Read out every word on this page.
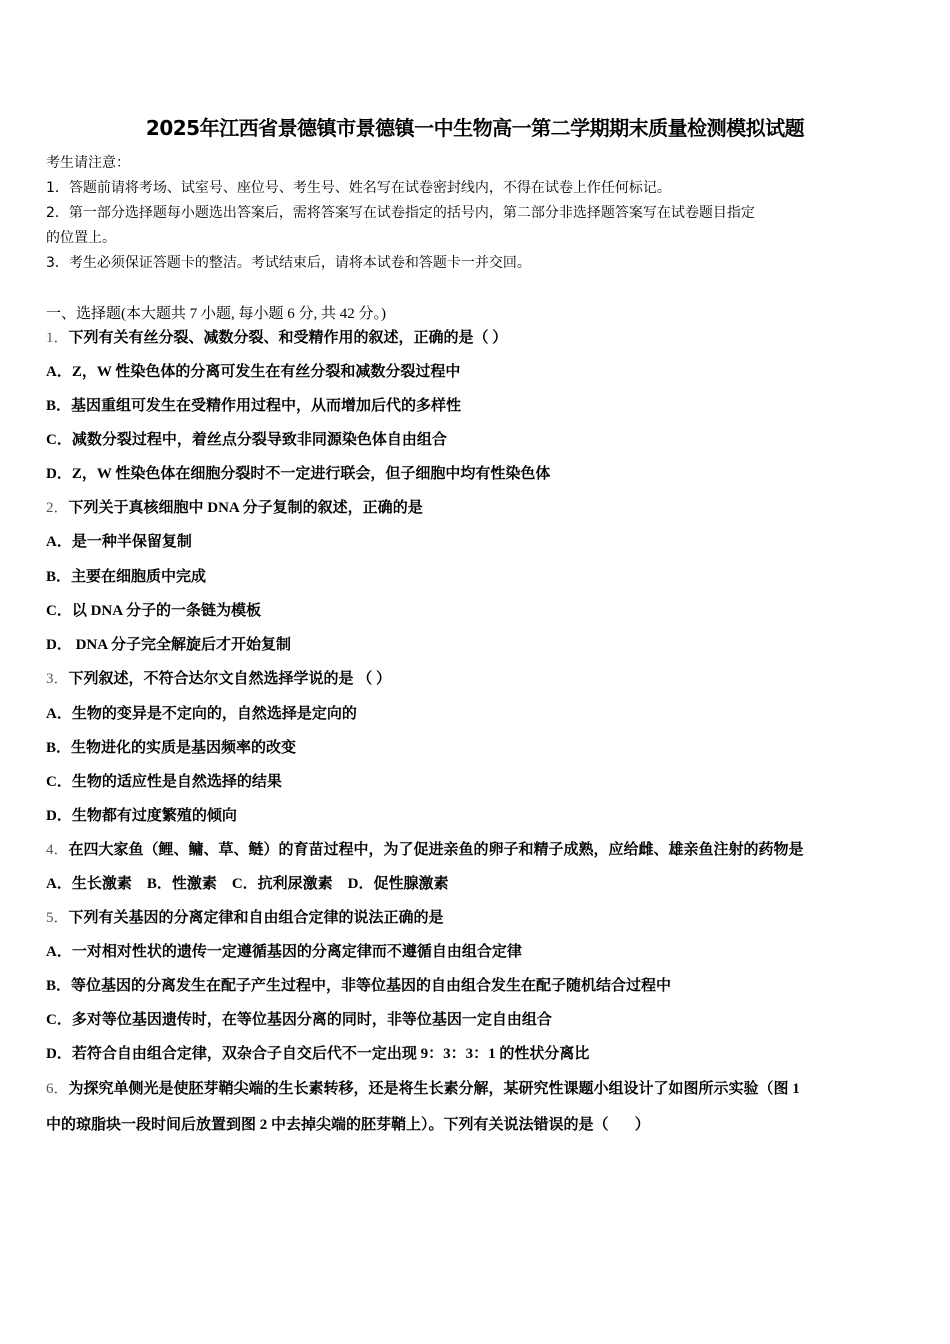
2025年江西省景德镇市景德镇一中生物高一第二学期期末质量检测模拟试题
考生请注意：
1．答题前请将考场、试室号、座位号、考生号、姓名写在试卷密封线内，不得在试卷上作任何标记。
2．第一部分选择题每小题选出答案后，需将答案写在试卷指定的括号内，第二部分非选择题答案写在试卷题目指定
的位置上。
3．考生必须保证答题卡的整洁。考试结束后，请将本试卷和答题卡一并交回。
一、选择题(本大题共 7 小题, 每小题 6 分, 共 42 分。)
1．下列有关有丝分裂、减数分裂、和受精作用的叙述，正确的是（ ）
A．Z，W 性染色体的分离可发生在有丝分裂和减数分裂过程中
B．基因重组可发生在受精作用过程中，从而增加后代的多样性
C．减数分裂过程中，着丝点分裂导致非同源染色体自由组合
D．Z，W 性染色体在细胞分裂时不一定进行联会，但子细胞中均有性染色体
2．下列关于真核细胞中 DNA 分子复制的叙述，正确的是
A．是一种半保留复制
B．主要在细胞质中完成
C．以 DNA 分子的一条链为模板
D． DNA 分子完全解旋后才开始复制
3．下列叙述，不符合达尔文自然选择学说的是 （ ）
A．生物的变异是不定向的，自然选择是定向的
B．生物进化的实质是基因频率的改变
C．生物的适应性是自然选择的结果
D．生物都有过度繁殖的倾向
4．在四大家鱼（鲤、鳙、草、鲢）的育苗过程中，为了促进亲鱼的卵子和精子成熟，应给雌、雄亲鱼注射的药物是
A．生长激素    B．性激素    C．抗利尿激素    D．促性腺激素
5．下列有关基因的分离定律和自由组合定律的说法正确的是
A．一对相对性状的遗传一定遵循基因的分离定律而不遵循自由组合定律
B．等位基因的分离发生在配子产生过程中，非等位基因的自由组合发生在配子随机结合过程中
C．多对等位基因遗传时，在等位基因分离的同时，非等位基因一定自由组合
D．若符合自由组合定律，双杂合子自交后代不一定出现 9：3：3：1 的性状分离比
6．为探究单侧光是使胚芽鞘尖端的生长素转移，还是将生长素分解，某研究性课题小组设计了如图所示实验（图 1
中的琼脂块一段时间后放置到图 2 中去掉尖端的胚芽鞘上）。下列有关说法错误的是（       ）
